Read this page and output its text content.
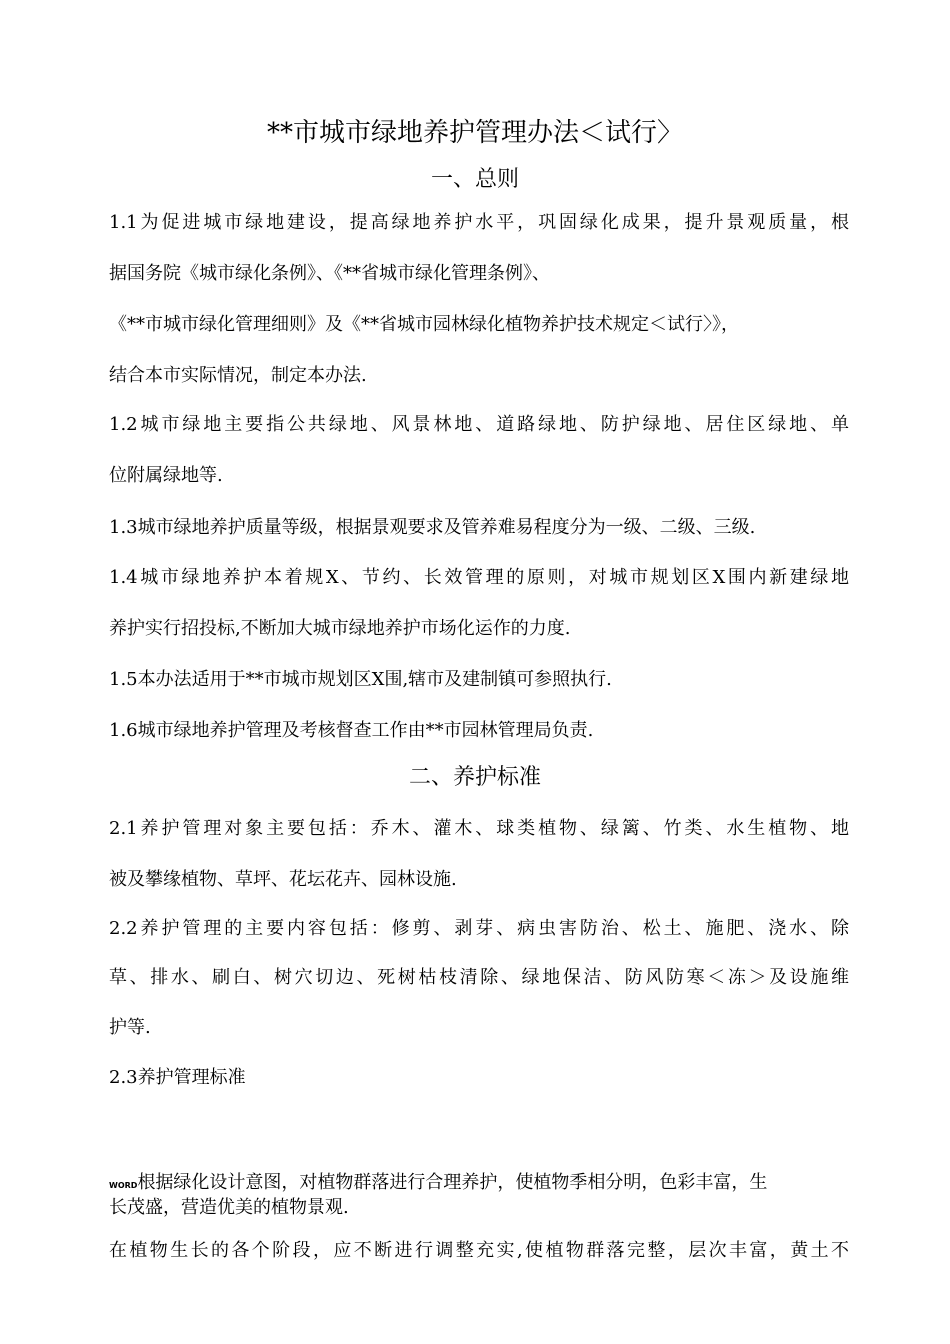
**市城市绿地养护管理办法＜试行〉
一、总则
1.1为促进城市绿地建设，提高绿地养护水平，巩固绿化成果，提升景观质量，根
据国务院《城市绿化条例》、《**省城市绿化管理条例》、
《**市城市绿化管理细则》及《**省城市园林绿化植物养护技术规定＜试行〉》，
结合本市实际情况，制定本办法.
1.2城市绿地主要指公共绿地、风景林地、道路绿地、防护绿地、居住区绿地、单
位附属绿地等.
1.3城市绿地养护质量等级，根据景观要求及管养难易程度分为一级、二级、三级.
1.4城市绿地养护本着规X、节约、长效管理的原则，对城市规划区X围内新建绿地
养护实行招投标,不断加大城市绿地养护市场化运作的力度.
1.5本办法适用于**市城市规划区X围,辖市及建制镇可参照执行.
1.6城市绿地养护管理及考核督查工作由**市园林管理局负责.
二、养护标准
2.1养护管理对象主要包括：乔木、灌木、球类植物、绿篱、竹类、水生植物、地
被及攀缘植物、草坪、花坛花卉、园林设施.
2.2养护管理的主要内容包括：修剪、剥芽、病虫害防治、松土、施肥、浇水、除
草、排水、刷白、树穴切边、死树枯枝清除、绿地保洁、防风防寒＜冻＞及设施维
护等.
2.3养护管理标准
WORD根据绿化设计意图，对植物群落进行合理养护，使植物季相分明，色彩丰富，生
长茂盛，营造优美的植物景观.
在植物生长的各个阶段，应不断进行调整充实,使植物群落完整，层次丰富，黄土不
